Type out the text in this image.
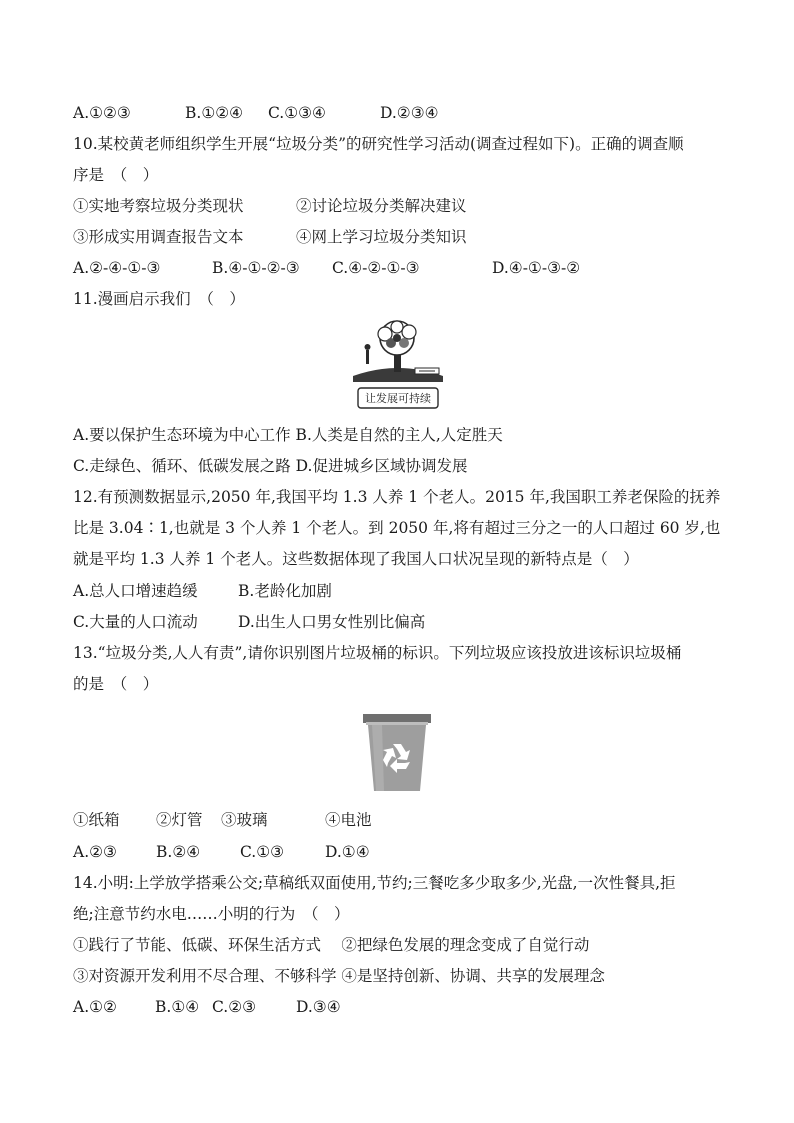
A.①②③	B.①②④ C.①③④	D.②③④
10.某校黄老师组织学生开展“垃圾分类”的研究性学习活动(调查过程如下)。正确的调查顺
序是　（　）
①实地考察垃圾分类现状	②讨论垃圾分类解决建议
③形成实用调查报告文本	④网上学习垃圾分类知识
A.②-④-①-③	B.④-①-②-③ C.④-②-①-③	D.④-①-③-②
11.漫画启示我们　（　）
让发展可持续
A.要以保护生态环境为中心工作 B.人类是自然的主人,人定胜天
C.走绿色、循环、低碳发展之路 D.促进城乡区域协调发展
12.有预测数据显示,2050 年,我国平均 1.3 人养 1 个老人。2015 年,我国职工养老保险的抚养
比是 3.04∶1,也就是 3 个人养 1 个老人。到 2050 年,将有超过三分之一的人口超过 60 岁,也
就是平均 1.3 人养 1 个老人。这些数据体现了我国人口状况呈现的新特点是（　）
A.总人口增速趋缓	B.老龄化加剧
C.大量的人口流动	D.出生人口男女性别比偏高
13.“垃圾分类,人人有责”,请你识别图片垃圾桶的标识。下列垃圾应该投放进该标识垃圾桶
的是　（　）
①纸箱 ②灯管 ③玻璃	④电池
A.②③	B.②④	C.①③	D.①④
14.小明:上学放学搭乘公交;草稿纸双面使用,节约;三餐吃多少取多少,光盘,一次性餐具,拒
绝;注意节约水电……小明的行为　（　）
①践行了节能、低碳、环保生活方式　 ②把绿色发展的理念变成了自觉行动
③对资源开发利用不尽合理、不够科学 ④是坚持创新、协调、共享的发展理念
A.①② B.①④ C.②③	D.③④
